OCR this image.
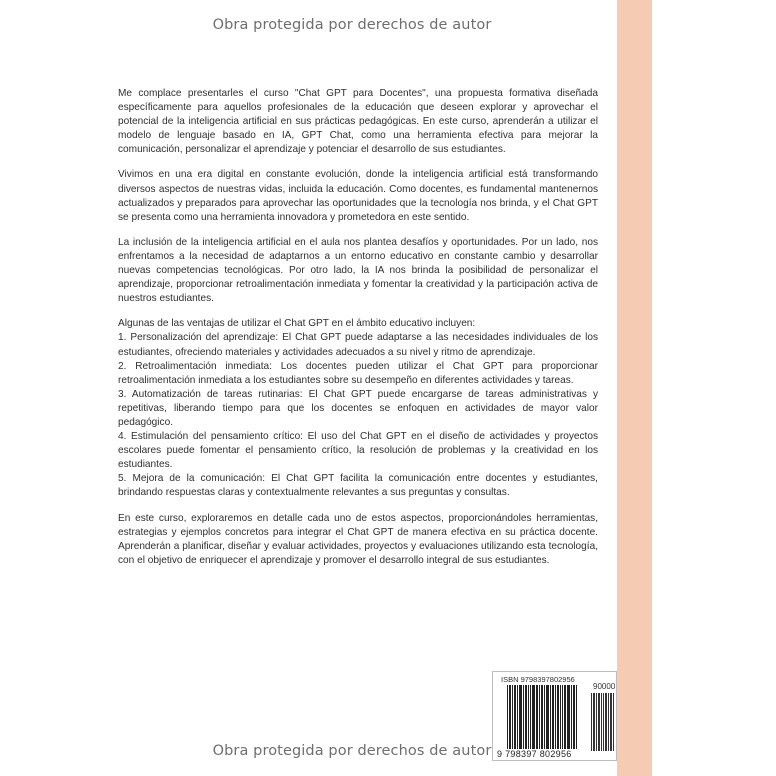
Obra protegida por derechos de autor

Me complace presentarles el curso "Chat GPT para Docentes", una propuesta formativa diseñada específicamente para aquellos profesionales de la educación que deseen explorar y aprovechar el potencial de la inteligencia artificial en sus prácticas pedagógicas. En este curso, aprenderán a utilizar el modelo de lenguaje basado en IA, GPT Chat, como una herramienta efectiva para mejorar la comunicación, personalizar el aprendizaje y potenciar el desarrollo de sus estudiantes.

Vivimos en una era digital en constante evolución, donde la inteligencia artificial está transformando diversos aspectos de nuestras vidas, incluida la educación. Como docentes, es fundamental mantenernos actualizados y preparados para aprovechar las oportunidades que la tecnología nos brinda, y el Chat GPT se presenta como una herramienta innovadora y prometedora en este sentido.

La inclusión de la inteligencia artificial en el aula nos plantea desafíos y oportunidades. Por un lado, nos enfrentamos a la necesidad de adaptarnos a un entorno educativo en constante cambio y desarrollar nuevas competencias tecnológicas. Por otro lado, la IA nos brinda la posibilidad de personalizar el aprendizaje, proporcionar retroalimentación inmediata y fomentar la creatividad y la participación activa de nuestros estudiantes.

Algunas de las ventajas de utilizar el Chat GPT en el ámbito educativo incluyen:
1. Personalización del aprendizaje: El Chat GPT puede adaptarse a las necesidades individuales de los estudiantes, ofreciendo materiales y actividades adecuados a su nivel y ritmo de aprendizaje.
2. Retroalimentación inmediata: Los docentes pueden utilizar el Chat GPT para proporcionar retroalimentación inmediata a los estudiantes sobre su desempeño en diferentes actividades y tareas.
3. Automatización de tareas rutinarias: El Chat GPT puede encargarse de tareas administrativas y repetitivas, liberando tiempo para que los docentes se enfoquen en actividades de mayor valor pedagógico.
4. Estimulación del pensamiento crítico: El uso del Chat GPT en el diseño de actividades y proyectos escolares puede fomentar el pensamiento crítico, la resolución de problemas y la creatividad en los estudiantes.
5. Mejora de la comunicación: El Chat GPT facilita la comunicación entre docentes y estudiantes, brindando respuestas claras y contextualmente relevantes a sus preguntas y consultas.

En este curso, exploraremos en detalle cada uno de estos aspectos, proporcionándoles herramientas, estrategias y ejemplos concretos para integrar el Chat GPT de manera efectiva en su práctica docente. Aprenderán a planificar, diseñar y evaluar actividades, proyectos y evaluaciones utilizando esta tecnología, con el objetivo de enriquecer el aprendizaje y promover el desarrollo integral de sus estudiantes.

ISBN 9798397802956
90000
9 798397 802956
Obra protegida por derechos de autor
